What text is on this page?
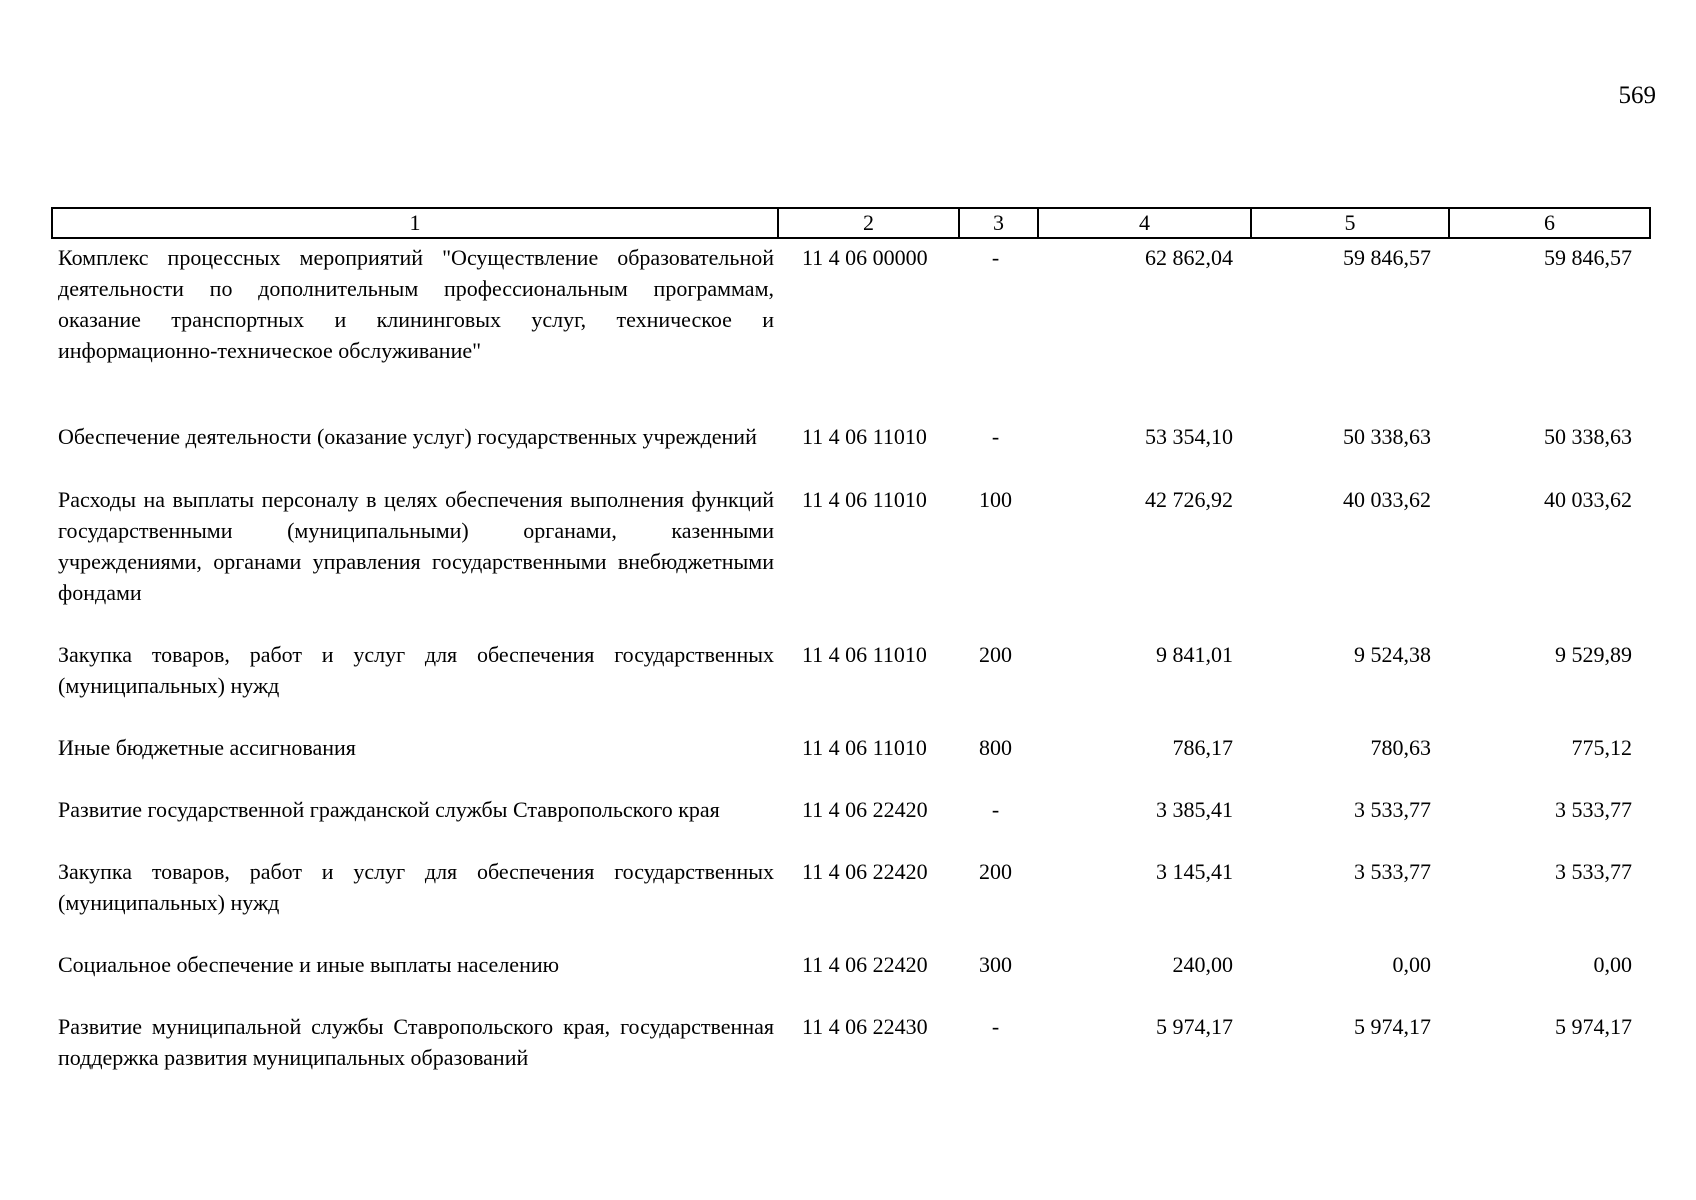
569
1	2	3	4	5	6
Комплекс процессных мероприятий "Осуществление образовательной деятельности по дополнительным профессиональным программам, оказание транспортных и клининговых услуг, техническое и информационно-техническое обслуживание"	11 4 06 00000	-	62 862,04	59 846,57	59 846,57
Обеспечение деятельности (оказание услуг) государственных учреждений	11 4 06 11010	-	53 354,10	50 338,63	50 338,63
Расходы на выплаты персоналу в целях обеспечения выполнения функций государственными (муниципальными) органами, казенными учреждениями, органами управления государственными внебюджетными фондами	11 4 06 11010	100	42 726,92	40 033,62	40 033,62
Закупка товаров, работ и услуг для обеспечения государственных (муниципальных) нужд	11 4 06 11010	200	9 841,01	9 524,38	9 529,89
Иные бюджетные ассигнования	11 4 06 11010	800	786,17	780,63	775,12
Развитие государственной гражданской службы Ставропольского края	11 4 06 22420	-	3 385,41	3 533,77	3 533,77
Закупка товаров, работ и услуг для обеспечения государственных (муниципальных) нужд	11 4 06 22420	200	3 145,41	3 533,77	3 533,77
Социальное обеспечение и иные выплаты населению	11 4 06 22420	300	240,00	0,00	0,00
Развитие муниципальной службы Ставропольского края, государственная поддержка развития муниципальных образований	11 4 06 22430	-	5 974,17	5 974,17	5 974,17
